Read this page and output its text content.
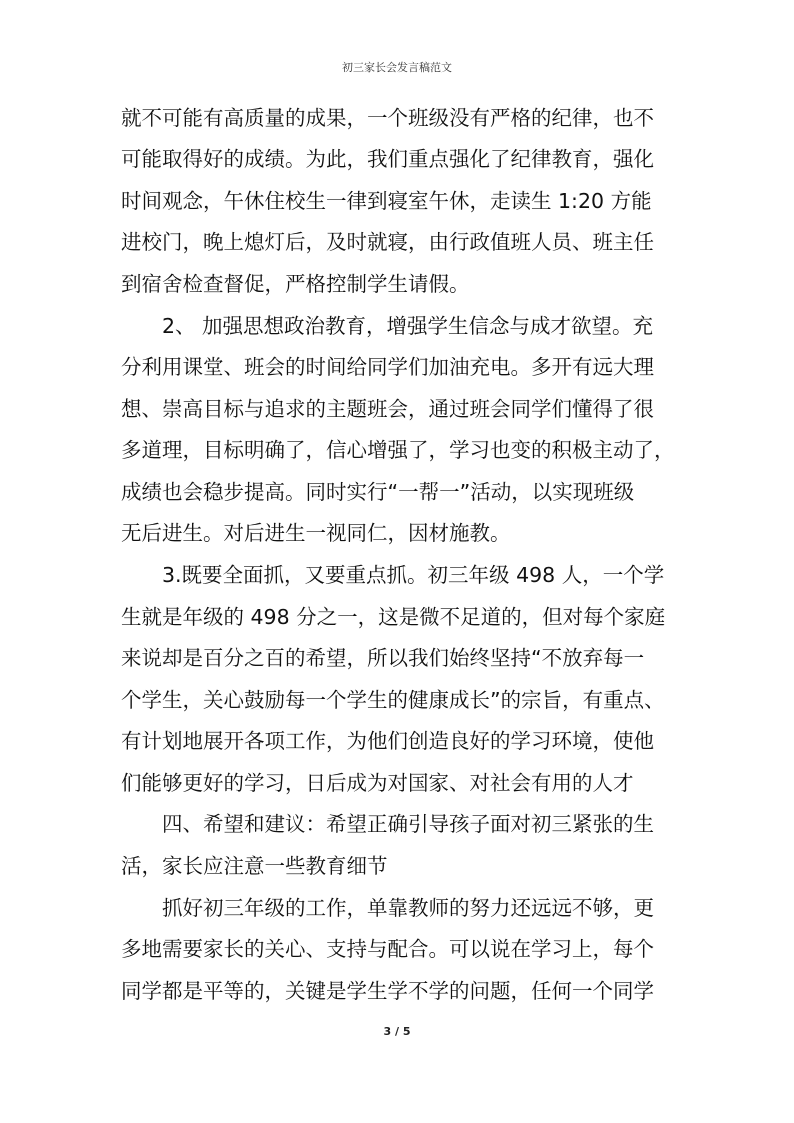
初三家长会发言稿范文
就不可能有高质量的成果，一个班级没有严格的纪律，也不
可能取得好的成绩。为此，我们重点强化了纪律教育，强化
时间观念，午休住校生一律到寝室午休，走读生 1:20 方能
进校门，晚上熄灯后，及时就寝，由行政值班人员、班主任
到宿舍检查督促，严格控制学生请假。
2、 加强思想政治教育，增强学生信念与成才欲望。充
分利用课堂、班会的时间给同学们加油充电。多开有远大理
想、崇高目标与追求的主题班会，通过班会同学们懂得了很
多道理，目标明确了，信心增强了，学习也变的积极主动了，
成绩也会稳步提高。同时实行“一帮一”活动，以实现班级
无后进生。对后进生一视同仁，因材施教。
3.既要全面抓，又要重点抓。初三年级 498 人，一个学
生就是年级的 498 分之一，这是微不足道的，但对每个家庭
来说却是百分之百的希望，所以我们始终坚持“不放弃每一
个学生，关心鼓励每一个学生的健康成长”的宗旨，有重点、
有计划地展开各项工作，为他们创造良好的学习环境，使他
们能够更好的学习，日后成为对国家、对社会有用的人才
四、希望和建议：希望正确引导孩子面对初三紧张的生
活，家长应注意一些教育细节
抓好初三年级的工作，单靠教师的努力还远远不够，更
多地需要家长的关心、支持与配合。可以说在学习上，每个
同学都是平等的，关键是学生学不学的问题，任何一个同学
3 / 5
